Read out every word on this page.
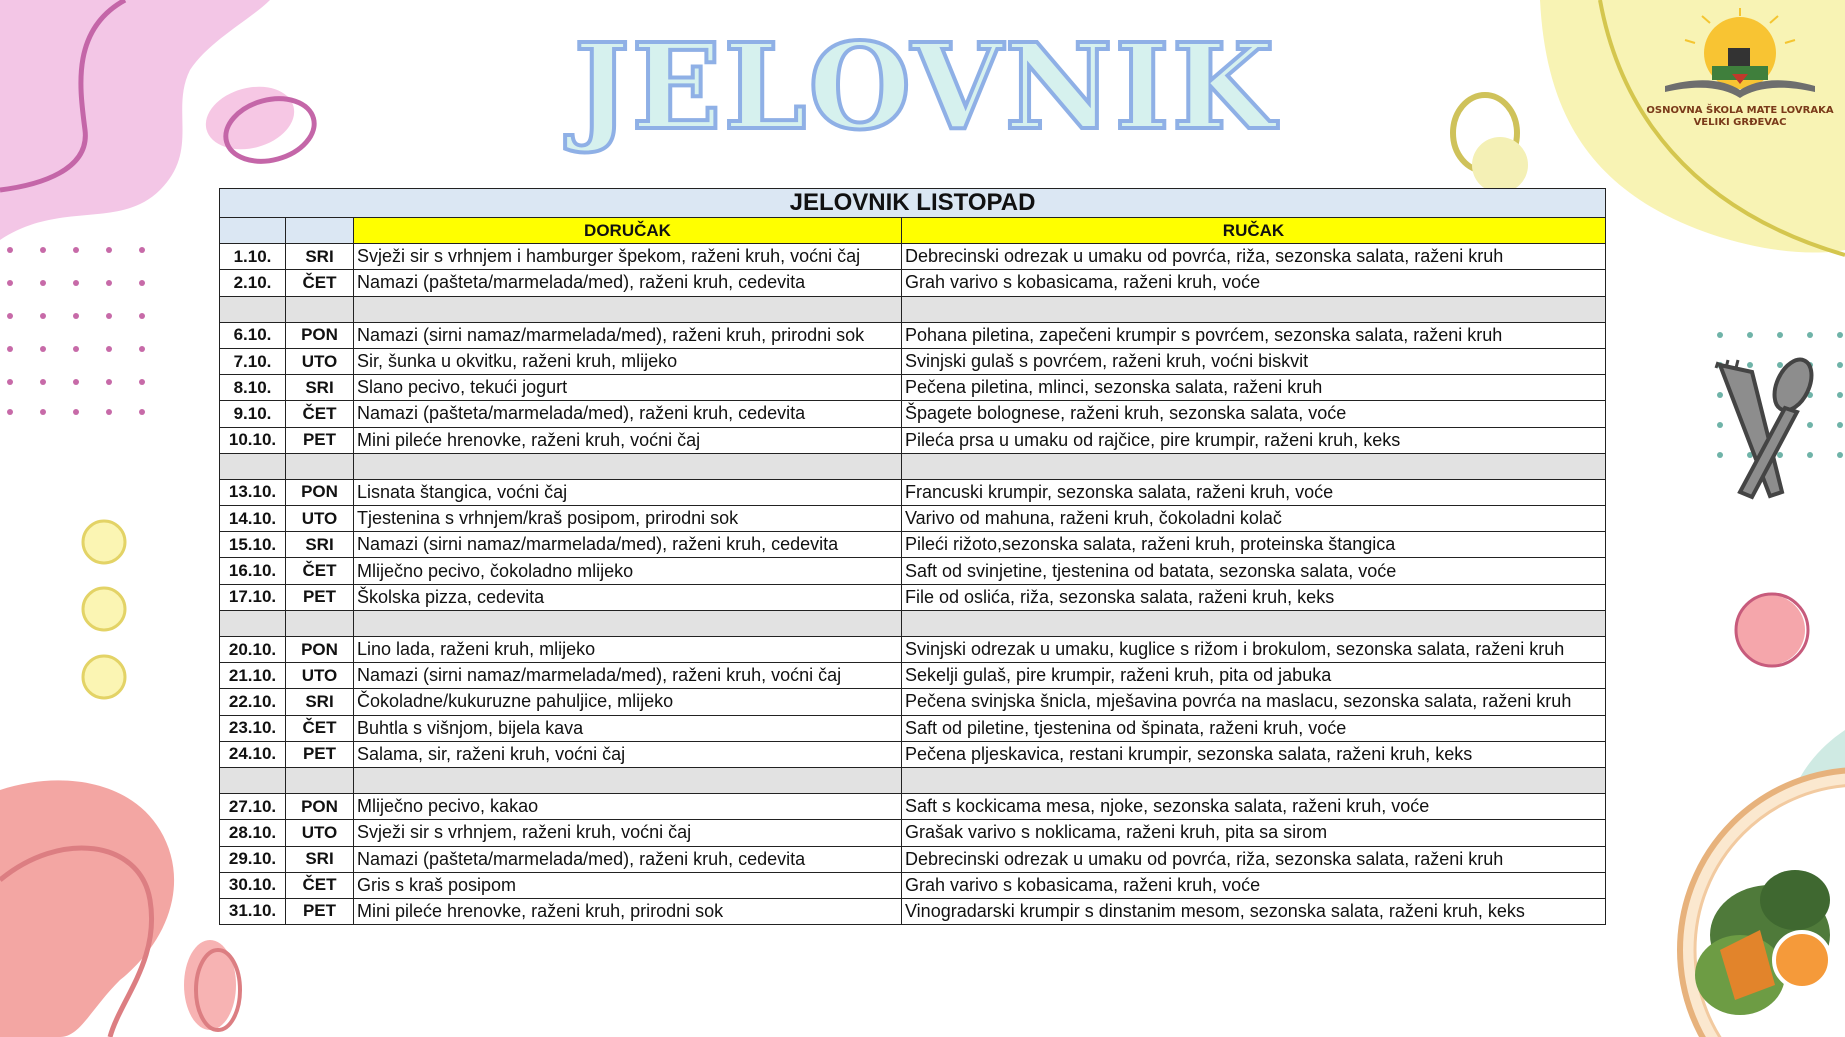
JELOVNIK	OSNOVNA ŠKOLA MATE LOVRAKA
VELIKI GRĐEVAC
JELOVNIK LISTOPAD			
		DORUČAK	RUČAK
1.10.	SRI	Svježi sir s vrhnjem i hamburger špekom, raženi kruh, voćni čaj	Debrecinski odrezak u umaku od povrća, riža, sezonska salata, raženi kruh
2.10.	ČET	Namazi (pašteta/marmelada/med), raženi kruh, cedevita	Grah varivo s kobasicama, raženi kruh, voće

6.10.	PON	Namazi (sirni namaz/marmelada/med), raženi kruh, prirodni sok	Pohana piletina, zapečeni krumpir s povrćem, sezonska salata, raženi kruh
7.10.	UTO	Sir, šunka u okvitku, raženi kruh, mlijeko	Svinjski gulaš s povrćem, raženi kruh, voćni biskvit
8.10.	SRI	Slano pecivo, tekući jogurt	Pečena piletina, mlinci, sezonska salata, raženi kruh
9.10.	ČET	Namazi (pašteta/marmelada/med), raženi kruh, cedevita	Špagete bolognese, raženi kruh, sezonska salata, voće
10.10.	PET	Mini pileće hrenovke, raženi kruh, voćni čaj	Pileća prsa u umaku od rajčice, pire krumpir, raženi kruh, keks

13.10.	PON	Lisnata štangica, voćni čaj	Francuski krumpir, sezonska salata, raženi kruh, voće
14.10.	UTO	Tjestenina s vrhnjem/kraš posipom, prirodni sok	Varivo od mahuna, raženi kruh, čokoladni kolač
15.10.	SRI	Namazi (sirni namaz/marmelada/med), raženi kruh, cedevita	Pileći rižoto,sezonska salata, raženi kruh, proteinska štangica
16.10.	ČET	Mliječno pecivo, čokoladno mlijeko	Saft od svinjetine, tjestenina od batata, sezonska salata, voće
17.10.	PET	Školska pizza, cedevita	File od oslića, riža, sezonska salata, raženi kruh, keks

20.10.	PON	Lino lada, raženi kruh, mlijeko	Svinjski odrezak u umaku, kuglice s rižom i brokulom, sezonska salata, raženi kruh
21.10.	UTO	Namazi (sirni namaz/marmelada/med), raženi kruh, voćni čaj	Sekelji gulaš, pire krumpir, raženi kruh, pita od jabuka
22.10.	SRI	Čokoladne/kukuruzne pahuljice, mlijeko	Pečena svinjska šnicla, mješavina povrća na maslacu, sezonska salata, raženi kruh
23.10.	ČET	Buhtla s višnjom, bijela kava	Saft od piletine, tjestenina od špinata, raženi kruh, voće
24.10.	PET	Salama, sir, raženi kruh, voćni čaj	Pečena pljeskavica, restani krumpir, sezonska salata, raženi kruh, keks

27.10.	PON	Mliječno pecivo, kakao	Saft s kockicama mesa, njoke, sezonska salata, raženi kruh, voće
28.10.	UTO	Svježi sir s vrhnjem, raženi kruh, voćni čaj	Grašak varivo s noklicama, raženi kruh, pita sa sirom
29.10.	SRI	Namazi (pašteta/marmelada/med), raženi kruh, cedevita	Debrecinski odrezak u umaku od povrća, riža, sezonska salata, raženi kruh
30.10.	ČET	Gris s kraš posipom	Grah varivo s kobasicama, raženi kruh, voće
31.10.	PET	Mini pileće hrenovke, raženi kruh, prirodni sok	Vinogradarski krumpir s dinstanim mesom, sezonska salata, raženi kruh, keks
